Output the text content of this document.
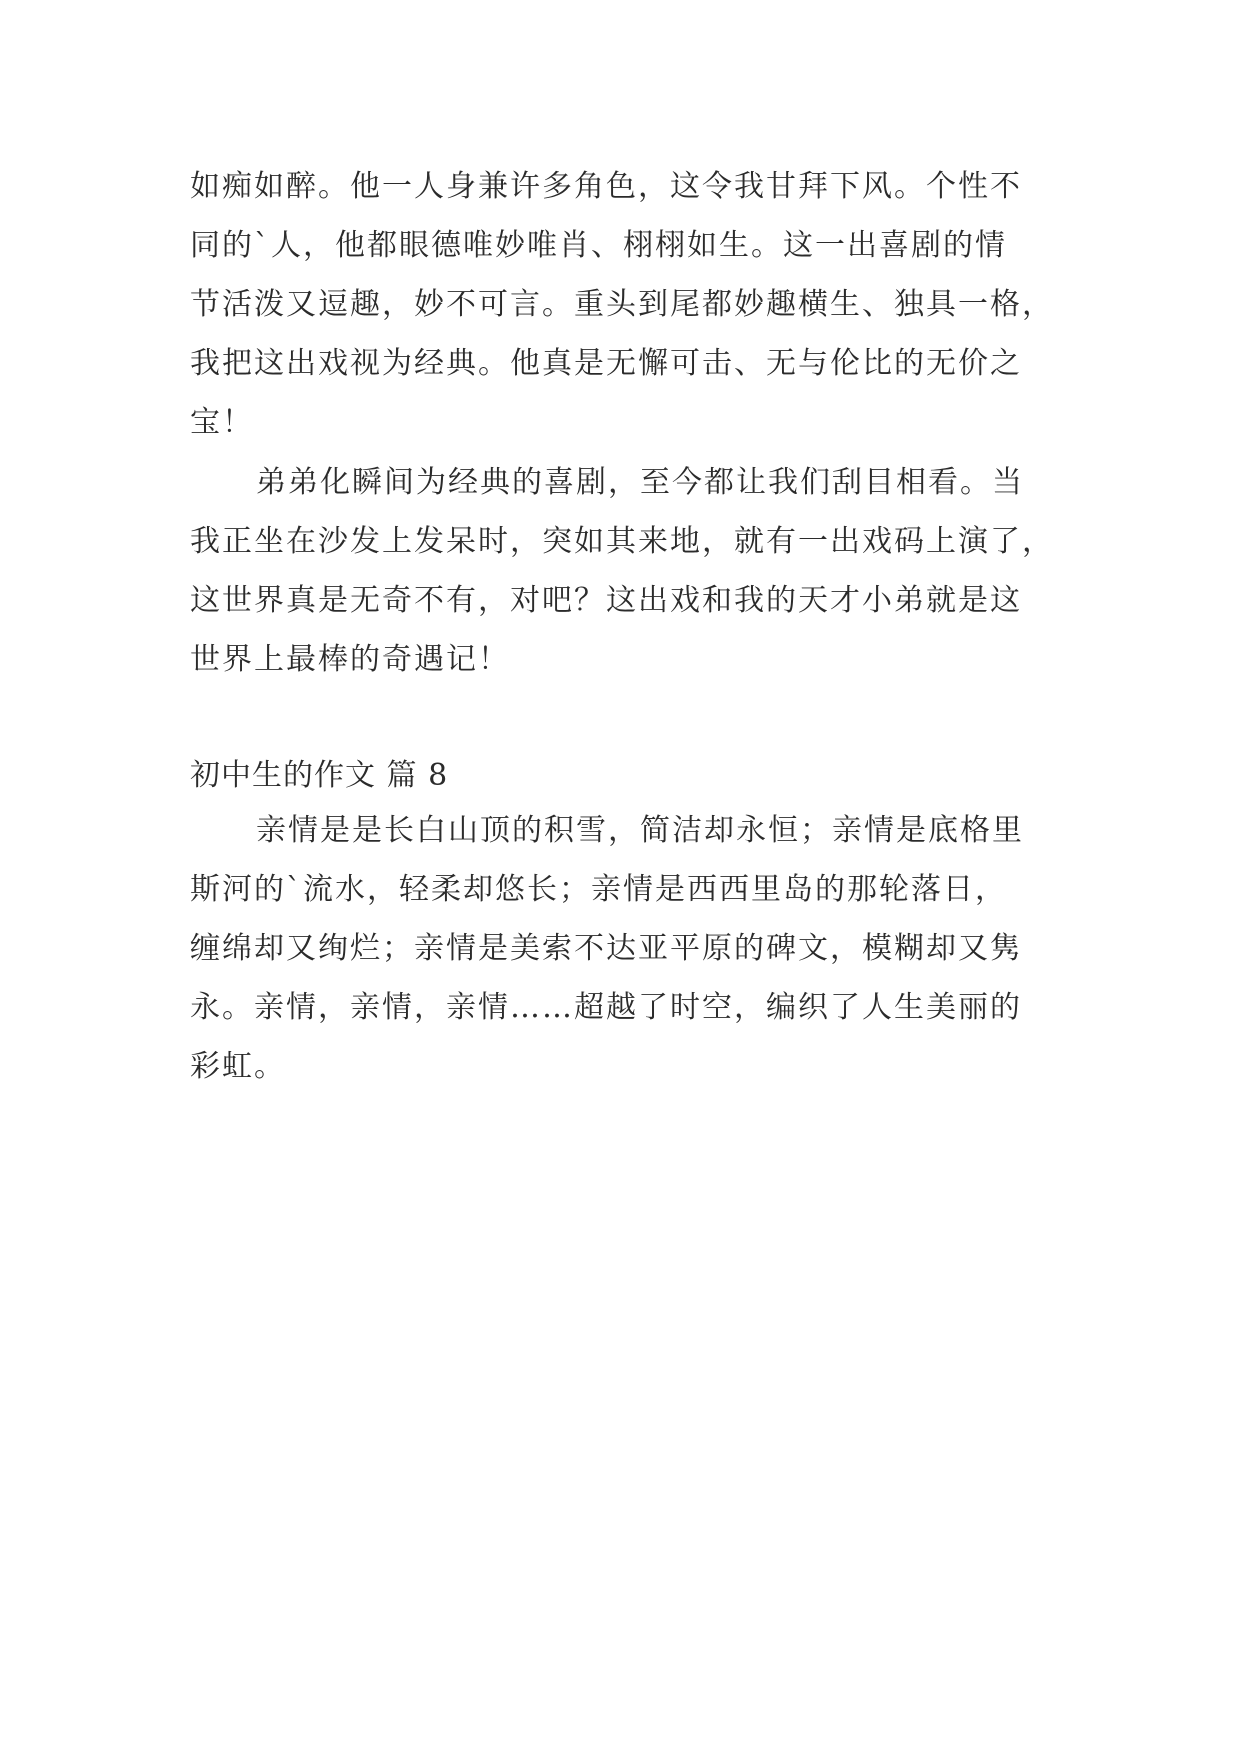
如痴如醉。他一人身兼许多角色，这令我甘拜下风。个性不
同的`人，他都眼德唯妙唯肖、栩栩如生。这一出喜剧的情
节活泼又逗趣，妙不可言。重头到尾都妙趣横生、独具一格，
我把这出戏视为经典。他真是无懈可击、无与伦比的无价之
宝！
弟弟化瞬间为经典的喜剧，至今都让我们刮目相看。当
我正坐在沙发上发呆时，突如其来地，就有一出戏码上演了，
这世界真是无奇不有，对吧？这出戏和我的天才小弟就是这
世界上最棒的奇遇记！
初中生的作文 篇 8
亲情是是长白山顶的积雪，简洁却永恒；亲情是底格里
斯河的`流水，轻柔却悠长；亲情是西西里岛的那轮落日，
缠绵却又绚烂；亲情是美索不达亚平原的碑文，模糊却又隽
永。亲情，亲情，亲情……超越了时空，编织了人生美丽的
彩虹。
